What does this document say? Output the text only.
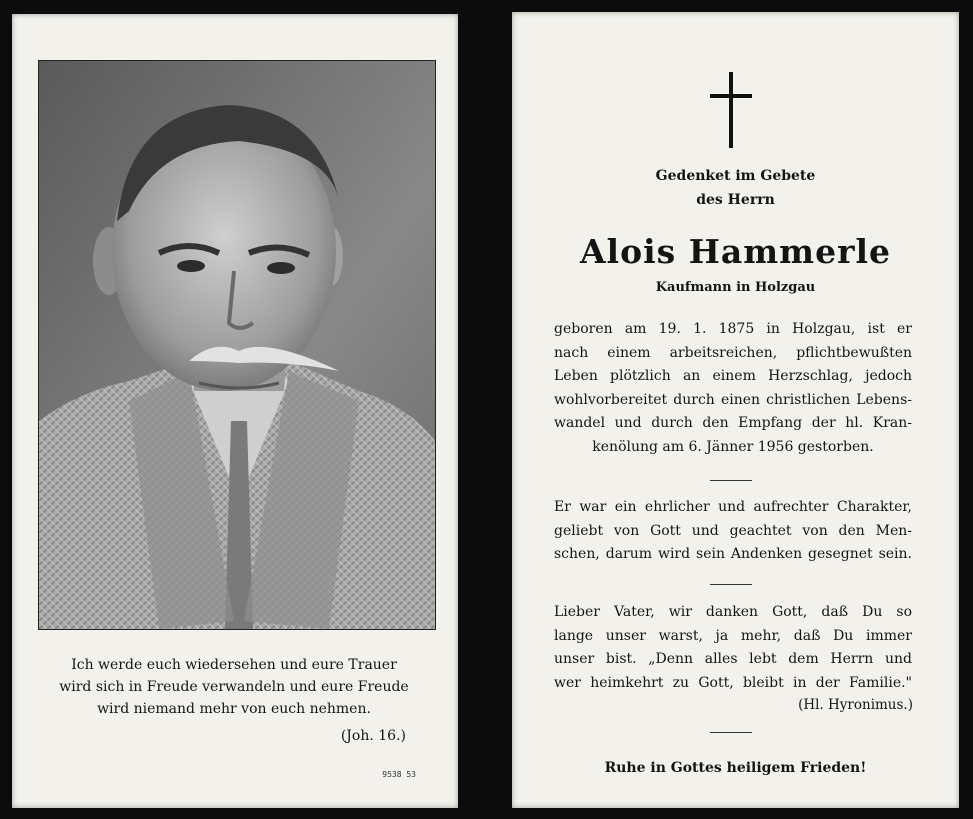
Ich werde euch wiedersehen und eure Trauer
wird sich in Freude verwandeln und eure Freude
wird niemand mehr von euch nehmen.
(Joh. 16.)
9538 53
Gedenket im Gebete
des Herrn
Alois Hammerle
Kaufmann in Holzgau
geboren am 19. 1. 1875 in Holzgau, ist er
nach einem arbeitsreichen, pflichtbewußten
Leben plötzlich an einem Herzschlag, jedoch
wohlvorbereitet durch einen christlichen Lebens-
wandel und durch den Empfang der hl. Kran-
kenölung am 6. Jänner 1956 gestorben.
Er war ein ehrlicher und aufrechter Charakter,
geliebt von Gott und geachtet von den Men-
schen, darum wird sein Andenken gesegnet sein.
Lieber Vater, wir danken Gott, daß Du so
lange unser warst, ja mehr, daß Du immer
unser bist. „Denn alles lebt dem Herrn und
wer heimkehrt zu Gott, bleibt in der Familie."
(Hl. Hyronimus.)
Ruhe in Gottes heiligem Frieden!
